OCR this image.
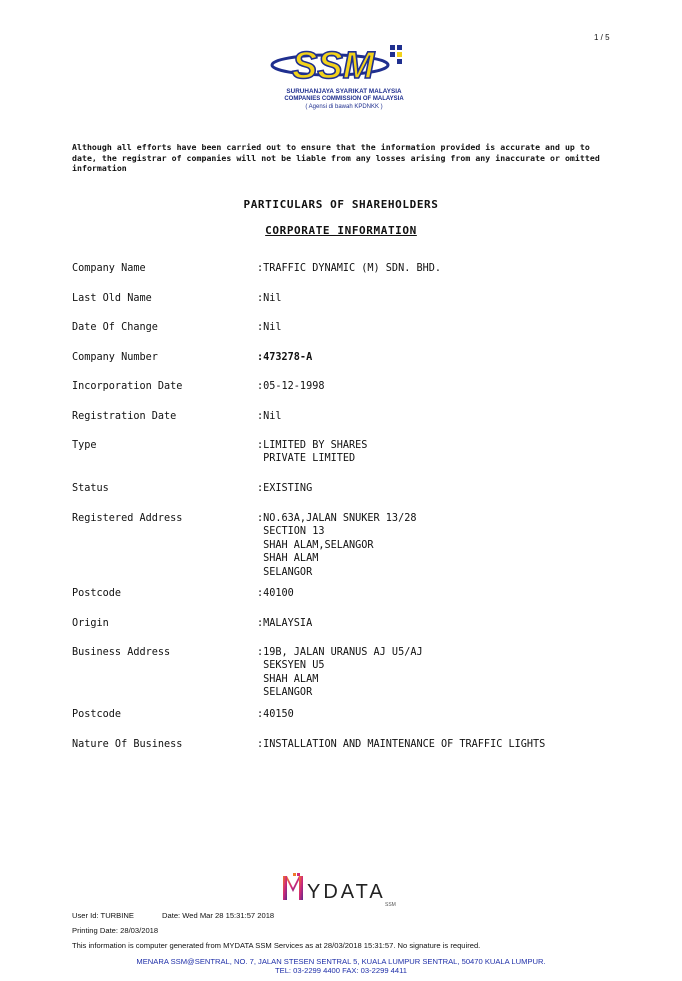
1 / 5
SSM
SURUHANJAYA SYARIKAT MALAYSIA
COMPANIES COMMISSION OF MALAYSIA
( Agensi di bawah KPDNKK )
Although all efforts have been carried out to ensure that the information provided is accurate and up to date, the registrar of companies will not be liable from any losses arising from any inaccurate or omitted information
PARTICULARS OF SHAREHOLDERS
CORPORATE INFORMATION
Company Name	:TRAFFIC DYNAMIC (M) SDN. BHD.
Last Old Name	:Nil
Date Of Change	:Nil
Company Number	:473278-A
Incorporation Date	:05-12-1998
Registration Date	:Nil
Type	:LIMITED BY SHARES
PRIVATE LIMITED
Status	:EXISTING
Registered Address	:NO.63A,JALAN SNUKER 13/28
SECTION 13
SHAH ALAM,SELANGOR
SHAH ALAM
SELANGOR
Postcode	:40100
Origin	:MALAYSIA
Business Address	:19B, JALAN URANUS AJ U5/AJ
SEKSYEN U5
SHAH ALAM
SELANGOR
Postcode	:40150
Nature Of Business	:INSTALLATION AND MAINTENANCE OF TRAFFIC LIGHTS
YDATA
SSM
User Id: TURBINE	Date: Wed Mar 28 15:31:57 2018
Printing Date: 28/03/2018
This information is computer generated from MYDATA SSM Services as at 28/03/2018 15:31:57. No signature is required.
MENARA SSM@SENTRAL, NO. 7, JALAN STESEN SENTRAL 5, KUALA LUMPUR SENTRAL, 50470 KUALA LUMPUR.
TEL: 03-2299 4400 FAX: 03-2299 4411
